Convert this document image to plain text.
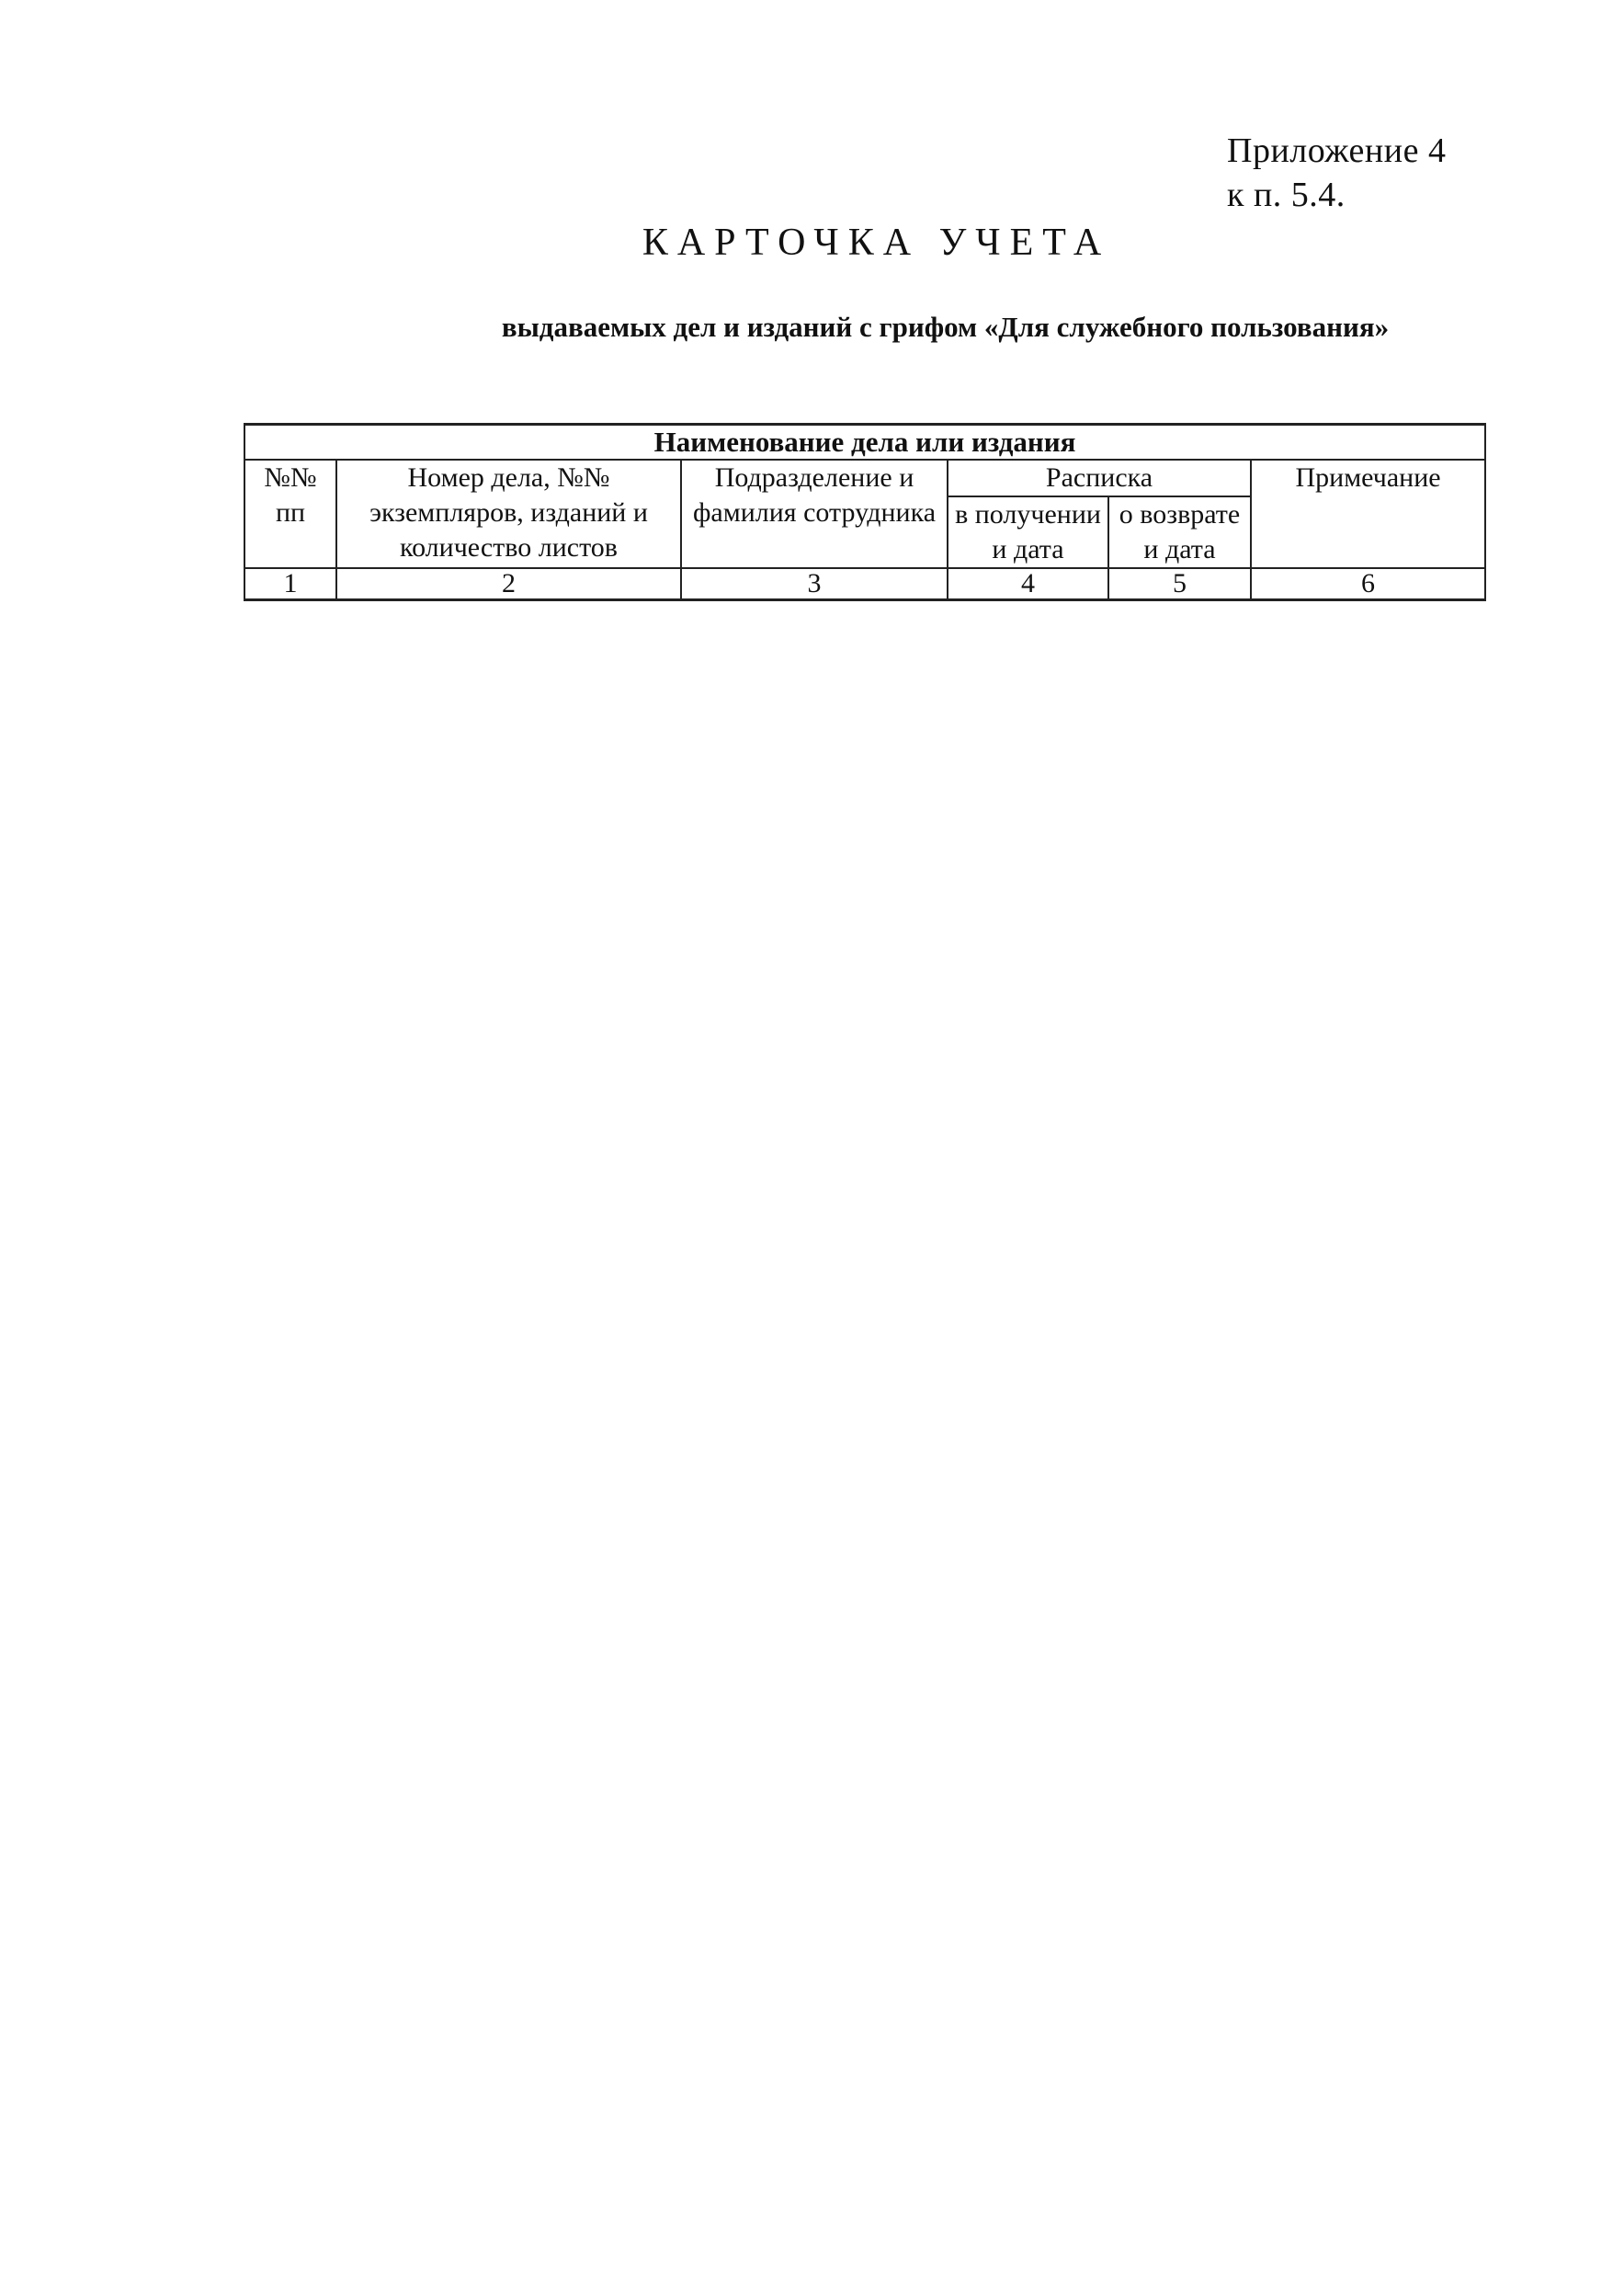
Приложение 4
к п. 5.4.
КАРТОЧКА УЧЕТА
выдаваемых дел и изданий с грифом «Для служебного пользования»
Наименование дела или издания					
№№ пп	Номер дела, №№ экземпляров, изданий и количество листов	Подразделение и фамилия сотрудника	Расписка		Примечание
			в получении и дата	о возврате и дата	
1	2	3	4	5	6
